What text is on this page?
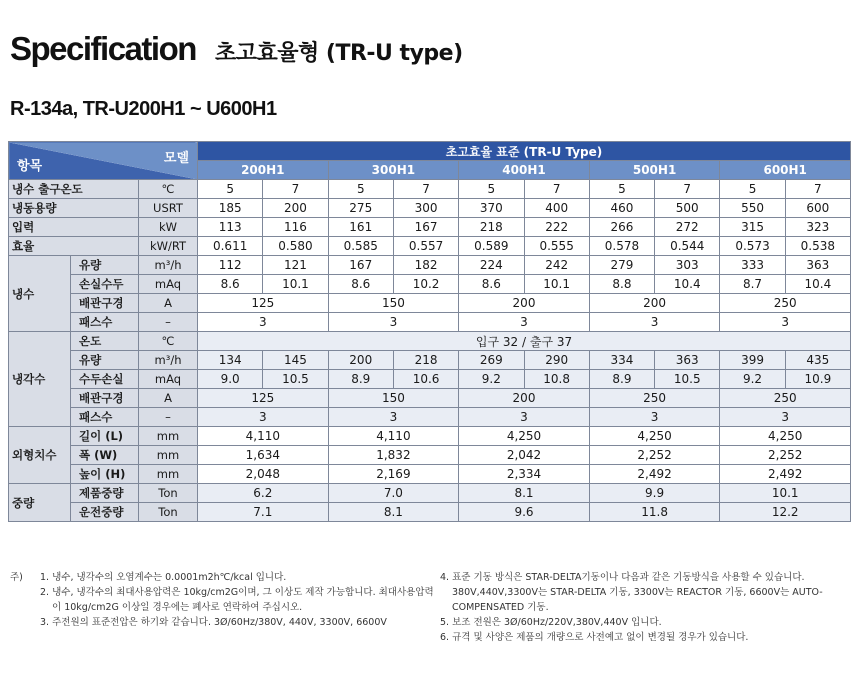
Specification 초고효율형 (TR-U type)
R-134a, TR-U200H1 ~ U600H1
모델
항목			초고효율 표준 (TR-U Type)									
			200H1		300H1		400H1		500H1		600H1	
냉수 출구온도		℃	5	7	5	7	5	7	5	7	5	7
냉동용량		USRT	185	200	275	300	370	400	460	500	550	600
입력		kW	113	116	161	167	218	222	266	272	315	323
효율		kW/RT	0.611	0.580	0.585	0.557	0.589	0.555	0.578	0.544	0.573	0.538
냉수	유량	m³/h	112	121	167	182	224	242	279	303	333	363
	손실수두	mAq	8.6	10.1	8.6	10.2	8.6	10.1	8.8	10.4	8.7	10.4
	배관구경	A	125		150		200		200		250	
	패스수	–	3		3		3		3		3	
냉각수	온도	℃	입구 32 / 출구 37									
	유량	m³/h	134	145	200	218	269	290	334	363	399	435
	수두손실	mAq	9.0	10.5	8.9	10.6	9.2	10.8	8.9	10.5	9.2	10.9
	배관구경	A	125		150		200		250		250	
	패스수	–	3		3		3		3		3	
외형치수	길이 (L)	mm	4,110		4,110		4,250		4,250		4,250	
	폭 (W)	mm	1,634		1,832		2,042		2,252		2,252	
	높이 (H)	mm	2,048		2,169		2,334		2,492		2,492	
중량	제품중량	Ton	6.2		7.0		8.1		9.9		10.1	
	운전중량	Ton	7.1		8.1		9.6		11.8		12.2	
주) 1. 냉수, 냉각수의 오염계수는 0.0001m2h℃/kcal 입니다.
2. 냉수, 냉각수의 최대사용압력은 10kg/cm2G이며, 그 이상도 제작 가능합니다. 최대사용압력이 10kg/cm2G 이상일 경우에는 폐사로 연락하여 주십시오.
3. 주전원의 표준전압은 하기와 같습니다. 3Ø/60Hz/380V, 440V, 3300V, 6600V
4. 표준 기동 방식은 STAR-DELTA기동이나 다음과 같은 기동방식을 사용할 수 있습니다. 380V,440V,3300V는 STAR-DELTA 기동, 3300V는 REACTOR 기동, 6600V는 AUTO-COMPENSATED 기동.
5. 보조 전원은 3Ø/60Hz/220V,380V,440V 입니다.
6. 규격 및 사양은 제품의 개량으로 사전예고 없이 변경될 경우가 있습니다.
